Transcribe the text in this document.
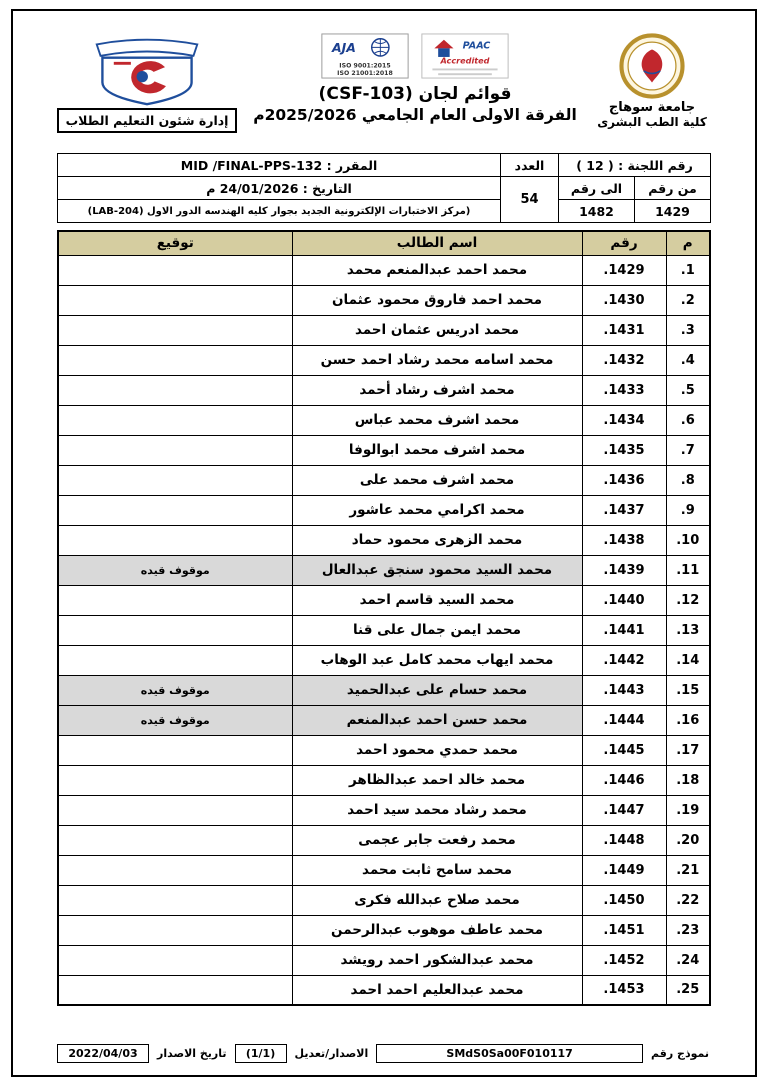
جامعة سوهاج
كلية الطب البشرى
PAAC
Accredited
AJA
ISO 9001:2015
ISO 21001:2018
قوائم لجان (CSF-103)
الفرقة الاولى العام الجامعي 2025/2026م
إدارة شئون التعليم الطلاب
رقم اللجنة : ( 12 )		العدد	المقرر : MID /FINAL-PPS-132
من رقم	الى رقم	54	التاريخ : 24/01/2026 م
1429	1482		(مركز الاختبارات الإلكترونية الجديد بجوار كليه الهندسه الدور الاول (LAB-204)
م	رقم	اسم الطالب	توقيع
1.	1429.	محمد احمد عبدالمنعم محمد	
2.	1430.	محمد احمد فاروق محمود عثمان	
3.	1431.	محمد ادريس عثمان احمد	
4.	1432.	محمد اسامه محمد رشاد احمد حسن	
5.	1433.	محمد اشرف رشاد أحمد	
6.	1434.	محمد اشرف محمد عباس	
7.	1435.	محمد اشرف محمد ابوالوفا	
8.	1436.	محمد اشرف محمد على	
9.	1437.	محمد اكرامي محمد عاشور	
10.	1438.	محمد الزهرى محمود حماد	
11.	1439.	محمد السيد محمود سنجق عبدالعال	موقوف قيده
12.	1440.	محمد السيد قاسم احمد	
13.	1441.	محمد ايمن جمال على قنا	
14.	1442.	محمد ايهاب محمد كامل عبد الوهاب	
15.	1443.	محمد حسام على عبدالحميد	موقوف قيده
16.	1444.	محمد حسن احمد عبدالمنعم	موقوف قيده
17.	1445.	محمد حمدي محمود احمد	
18.	1446.	محمد خالد احمد عبدالظاهر	
19.	1447.	محمد رشاد محمد سيد احمد	
20.	1448.	محمد رفعت جابر عجمى	
21.	1449.	محمد سامح ثابت محمد	
22.	1450.	محمد صلاح عبدالله فكرى	
23.	1451.	محمد عاطف موهوب عبدالرحمن	
24.	1452.	محمد عبدالشكور احمد رويشد	
25.	1453.	محمد عبدالعليم احمد احمد	
نموذج رقم
SMdS0Sa00F010117
الاصدار/تعديل
(1/1)
تاريخ الاصدار
2022/04/03
